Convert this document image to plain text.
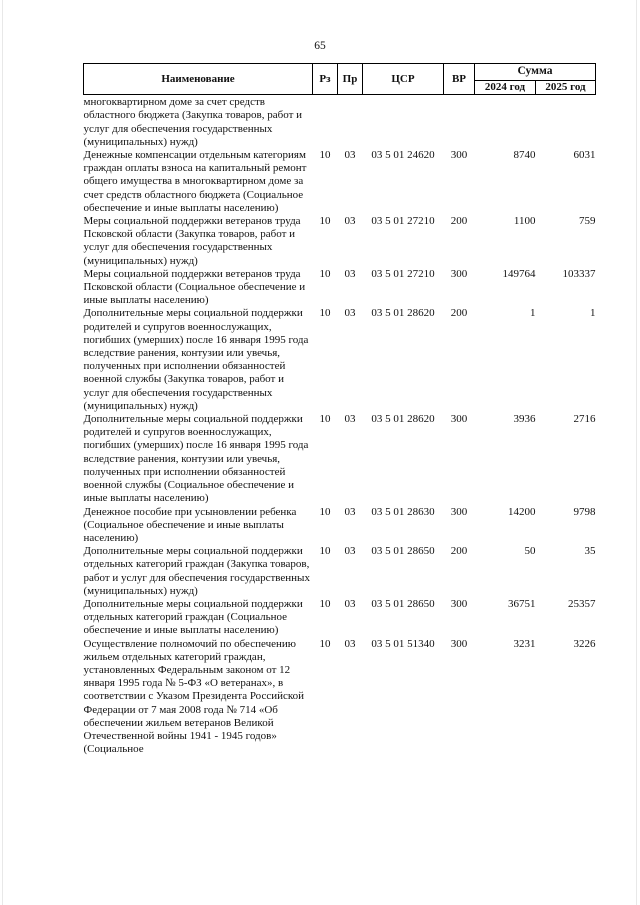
65
Наименование	Рз	Пр	ЦСР	ВР	Сумма	
					2024 год	2025 год
многоквартирном доме за счет средств областного бюджета (Закупка товаров, работ и услуг для обеспечения государственных (муниципальных) нужд)						
Денежные компенсации отдельным категориям граждан оплаты взноса на капитальный ремонт общего имущества в многоквартирном доме за счет средств областного бюджета (Социальное обеспечение и иные выплаты населению)	10	03	03 5 01 24620	300	8740	6031
Меры социальной поддержки ветеранов труда Псковской области (Закупка товаров, работ и услуг для обеспечения государственных (муниципальных) нужд)	10	03	03 5 01 27210	200	1100	759
Меры социальной поддержки ветеранов труда Псковской области (Социальное обеспечение и иные выплаты населению)	10	03	03 5 01 27210	300	149764	103337
Дополнительные меры социальной поддержки родителей и супругов военнослужащих, погибших (умерших) после 16 января 1995 года вследствие ранения, контузии или увечья, полученных при исполнении обязанностей военной службы (Закупка товаров, работ и услуг для обеспечения государственных (муниципальных) нужд)	10	03	03 5 01 28620	200	1	1
Дополнительные меры социальной поддержки родителей и супругов военнослужащих, погибших (умерших) после 16 января 1995 года вследствие ранения, контузии или увечья, полученных при исполнении обязанностей военной службы (Социальное обеспечение и иные выплаты населению)	10	03	03 5 01 28620	300	3936	2716
Денежное пособие при усыновлении ребенка (Социальное обеспечение и иные выплаты населению)	10	03	03 5 01 28630	300	14200	9798
Дополнительные меры социальной поддержки отдельных категорий граждан (Закупка товаров, работ и услуг для обеспечения государственных (муниципальных) нужд)	10	03	03 5 01 28650	200	50	35
Дополнительные меры социальной поддержки отдельных категорий граждан (Социальное обеспечение и иные выплаты населению)	10	03	03 5 01 28650	300	36751	25357
Осуществление полномочий по обеспечению жильем отдельных категорий граждан, установленных Федеральным законом от 12 января 1995 года № 5-ФЗ «О ветеранах», в соответствии с Указом Президента Российской Федерации от 7 мая 2008 года № 714 «Об обеспечении жильем ветеранов Великой Отечественной войны 1941 - 1945 годов» (Социальное	10	03	03 5 01 51340	300	3231	3226
